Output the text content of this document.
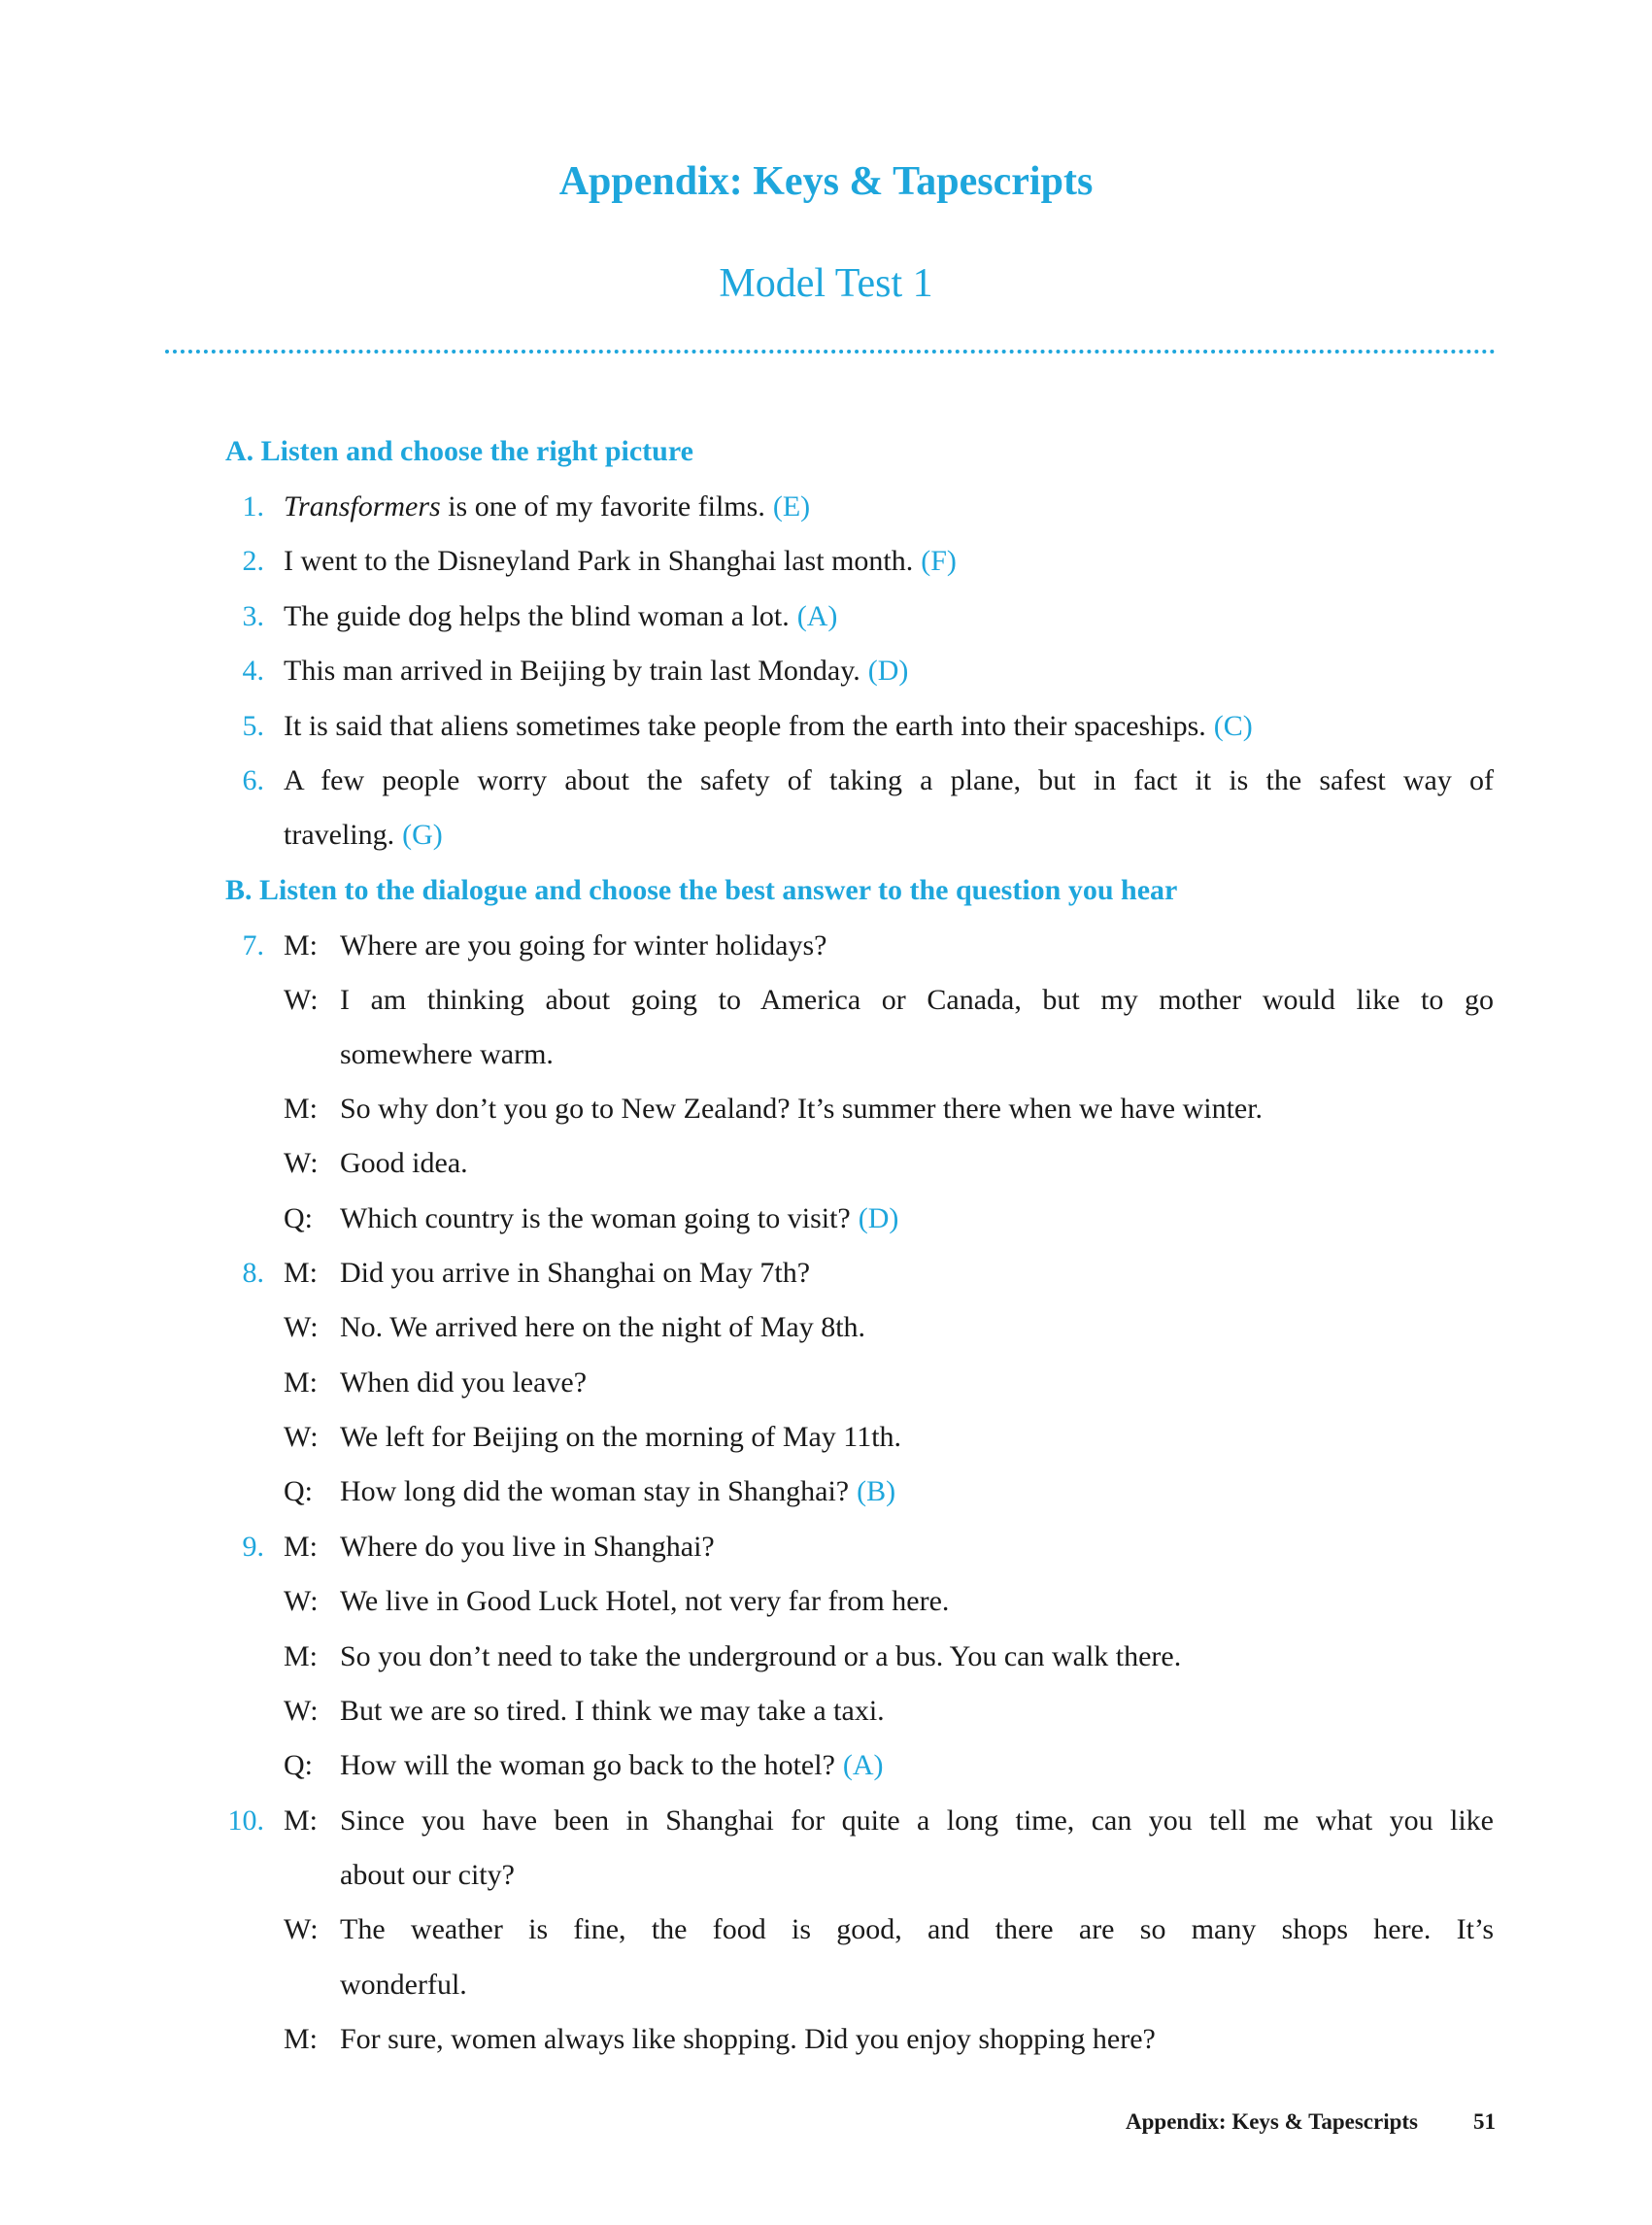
Appendix: Keys & Tapescripts
Model Test 1
A. Listen and choose the right picture
1. Transformers is one of my favorite films. (E)
2. I went to the Disneyland Park in Shanghai last month. (F)
3. The guide dog helps the blind woman a lot. (A)
4. This man arrived in Beijing by train last Monday. (D)
5. It is said that aliens sometimes take people from the earth into their spaceships. (C)
6. A few people worry about the safety of taking a plane, but in fact it is the safest way of
traveling. (G)
B. Listen to the dialogue and choose the best answer to the question you hear
7. M: Where are you going for winter holidays?
W: I am thinking about going to America or Canada, but my mother would like to go
somewhere warm.
M: So why don’t you go to New Zealand? It’s summer there when we have winter.
W: Good idea.
Q: Which country is the woman going to visit? (D)
8. M: Did you arrive in Shanghai on May 7th?
W: No. We arrived here on the night of May 8th.
M: When did you leave?
W: We left for Beijing on the morning of May 11th.
Q: How long did the woman stay in Shanghai? (B)
9. M: Where do you live in Shanghai?
W: We live in Good Luck Hotel, not very far from here.
M: So you don’t need to take the underground or a bus. You can walk there.
W: But we are so tired. I think we may take a taxi.
Q: How will the woman go back to the hotel? (A)
10. M: Since you have been in Shanghai for quite a long time, can you tell me what you like
about our city?
W: The weather is fine, the food is good, and there are so many shops here. It’s
wonderful.
M: For sure, women always like shopping. Did you enjoy shopping here?
Appendix: Keys & Tapescripts 51
